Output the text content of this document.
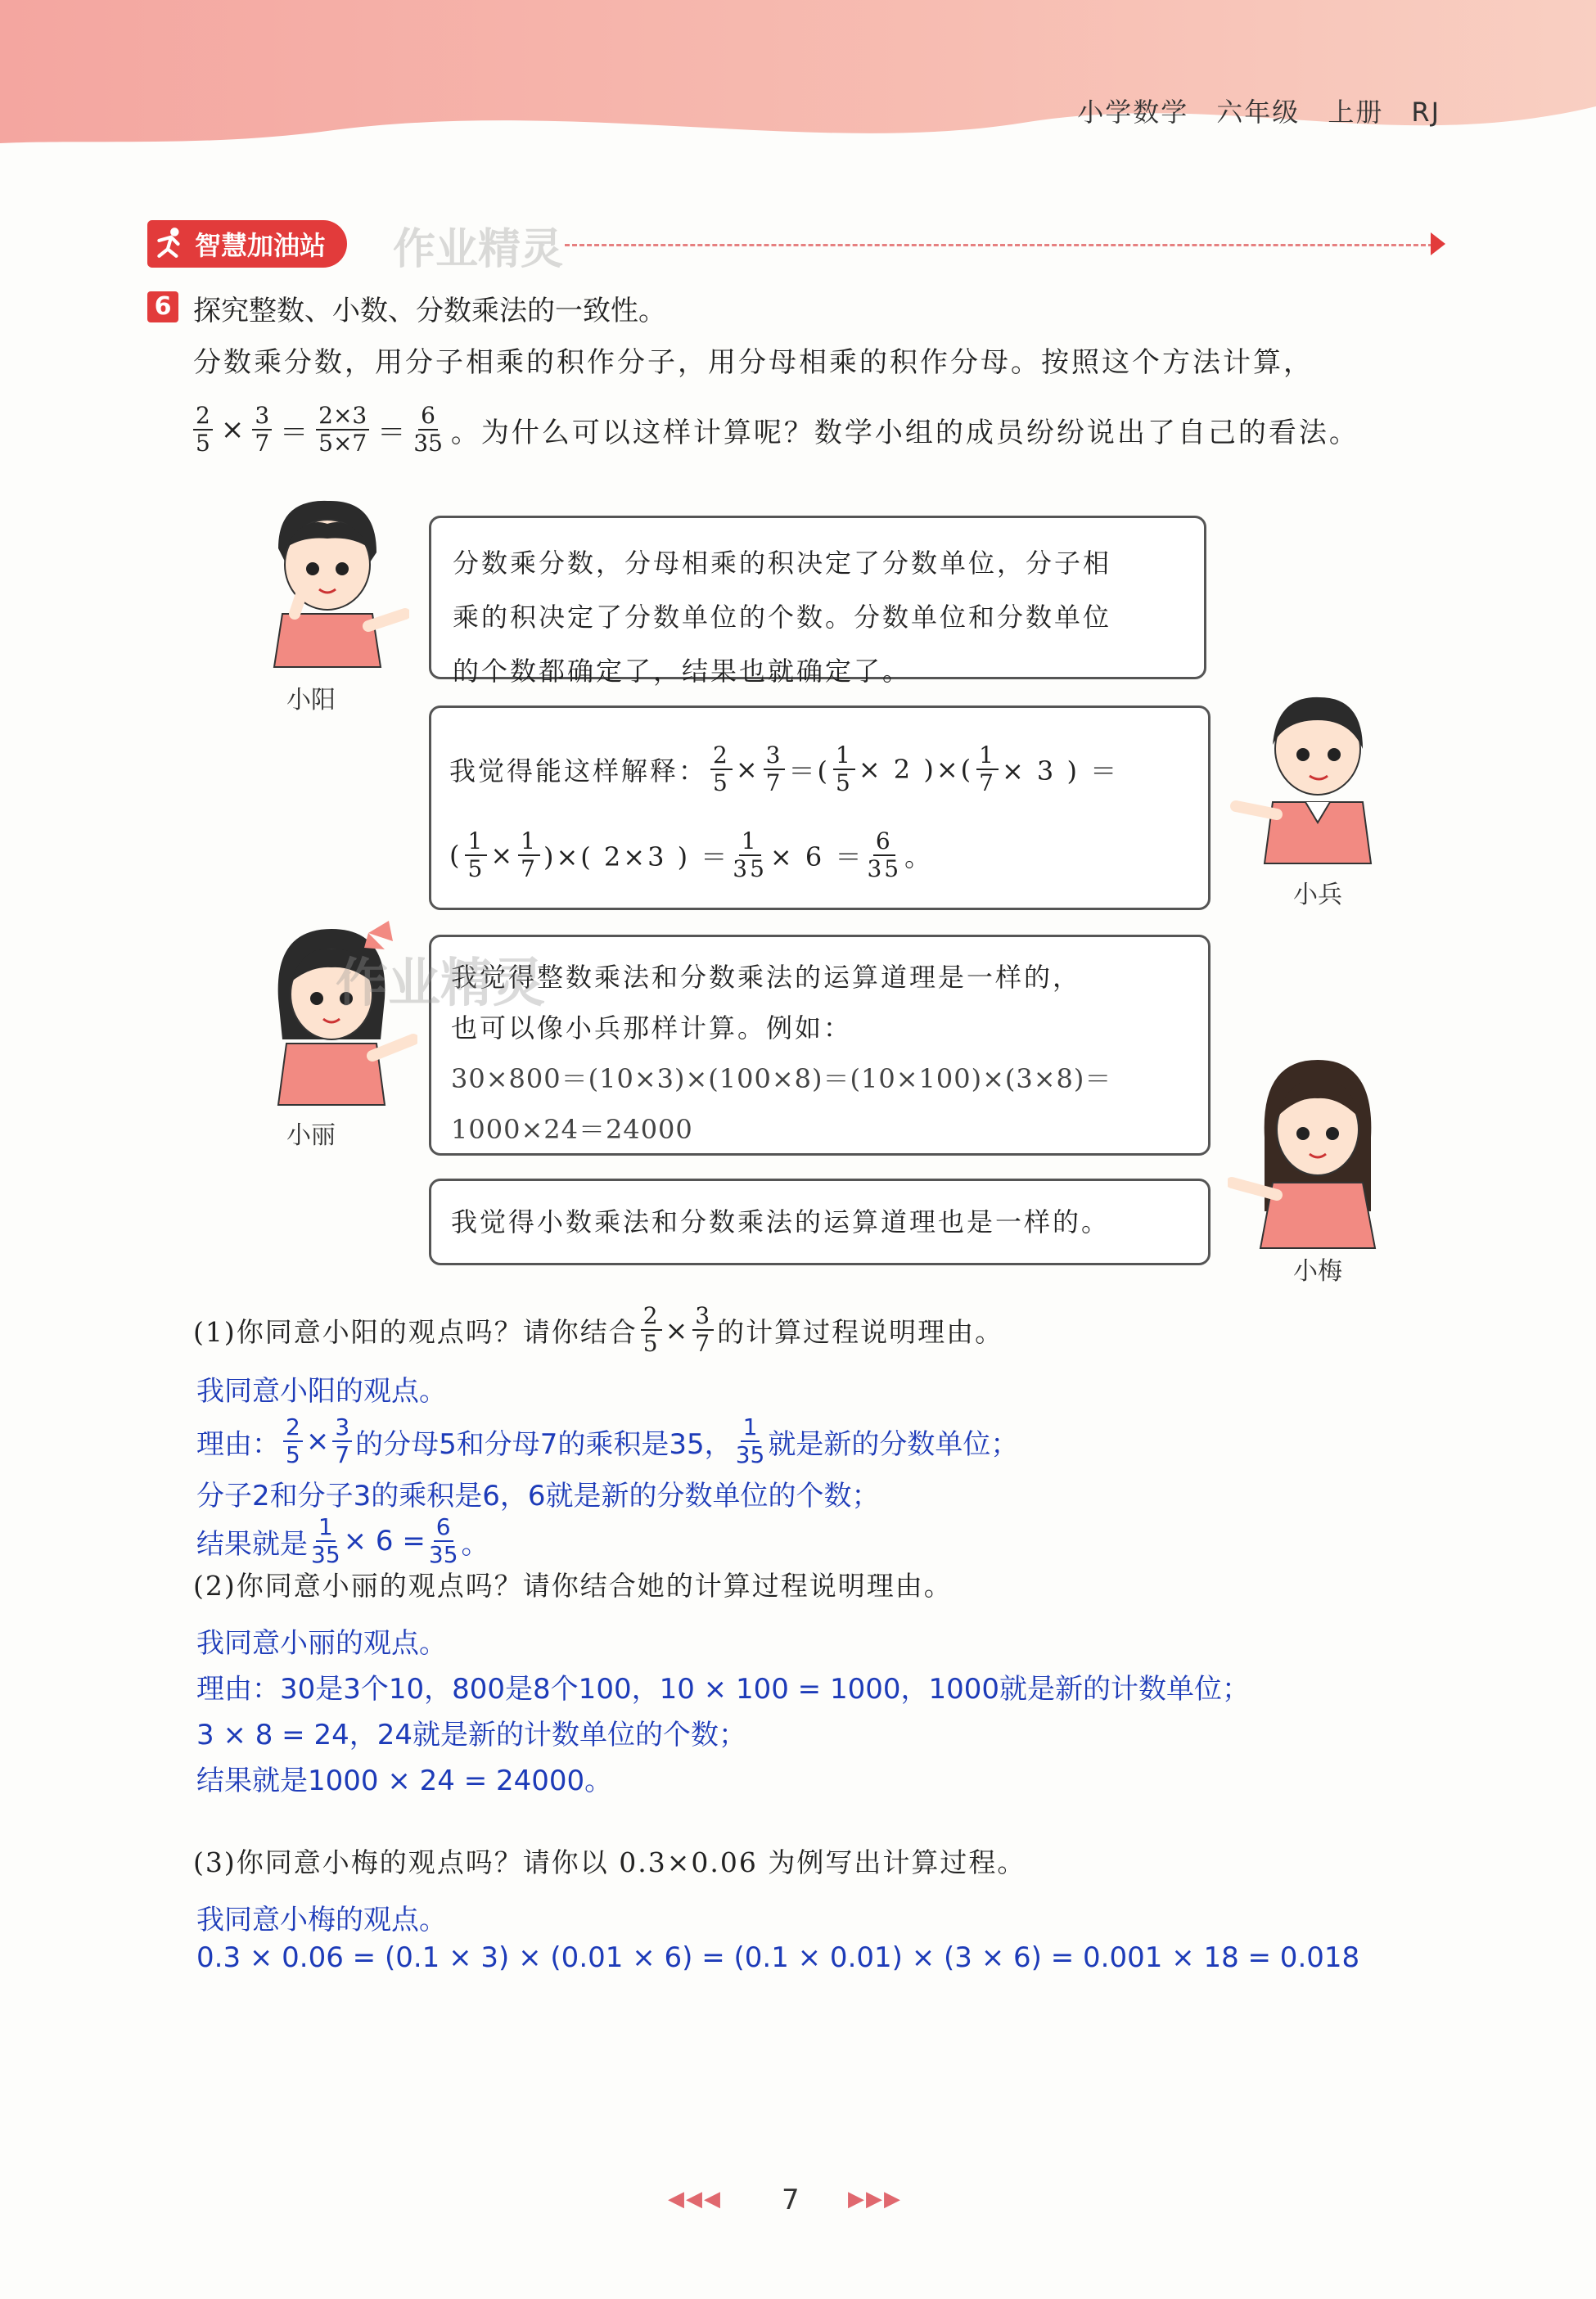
小学数学 六年级 上册 RJ
智慧加油站	作业精灵
6 探究整数、小数、分数乘法的一致性。
分数乘分数，用分子相乘的积作分子，用分母相乘的积作分母。按照这个方法计算，
$\frac{2}{5} \times \frac{3}{7} = \frac{2\times 3}{5\times 7} = \frac{6}{35}$ 。为什么可以这样计算呢？数学小组的成员纷纷说出了自己的看法。
小阳
小兵
小丽
小梅

分数乘分数，分母相乘的积决定了分数单位，分子相

乘的积决定了分数单位的个数。分数单位和分数单位

的个数都确定了，结果也就确定了。

我觉得能这样解释： $\frac{2}{5} \times \frac{3}{7}$ ＝( $\frac{1}{5} \times 2$ )×( $\frac{1}{7} \times 3$ ) ＝
( $\frac{1}{5} \times \frac{1}{7}$ )×( 2×3 ) ＝ $\frac{1}{35} \times 6 = \frac{6}{35}$ 。

我觉得整数乘法和分数乘法的运算道理是一样的，

也可以像小兵那样计算。例如：

30×800＝(10×3)×(100×8)＝(10×100)×(3×8)＝

1000×24＝24000

作业精灵

我觉得小数乘法和分数乘法的运算道理也是一样的。

(1)你同意小阳的观点吗？请你结合 $\frac{2}{5} \times \frac{3}{7}$ 的计算过程说明理由。
我同意小阳的观点。
理由： $\frac{2}{5} \times \frac{3}{7}$ 的分母5和分母7的乘积是35， $\frac{1}{35}$ 就是新的分数单位；
分子2和分子3的乘积是6，6就是新的分数单位的个数；
结果就是 $\frac{1}{35} \times 6 = \frac{6}{35}$ 。
(2)你同意小丽的观点吗？请你结合她的计算过程说明理由。
我同意小丽的观点。
理由：30是3个10，800是8个100，10 × 100 = 1000，1000就是新的计数单位；
3 × 8 = 24，24就是新的计数单位的个数；
结果就是1000 × 24 = 24000。
(3)你同意小梅的观点吗？请你以 0.3×0.06 为例写出计算过程。
我同意小梅的观点。
0.3 × 0.06 = (0.1 × 3) × (0.01 × 6) = (0.1 × 0.01) × (3 × 6) = 0.001 × 18 = 0.018
◀◀◀ 7 ▶▶▶
